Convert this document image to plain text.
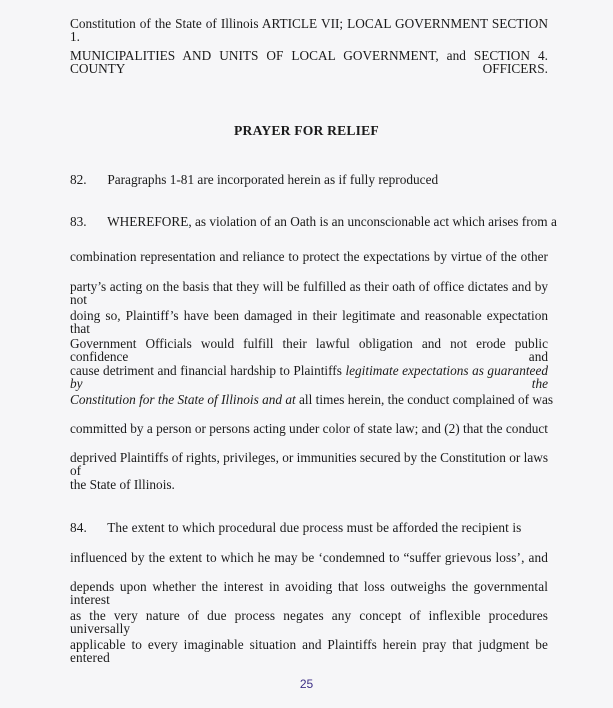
Constitution of the State of Illinois ARTICLE VII; LOCAL GOVERNMENT SECTION 1.
MUNICIPALITIES AND UNITS OF LOCAL GOVERNMENT, and SECTION 4. COUNTY OFFICERS.
PRAYER FOR RELIEF
82. Paragraphs 1-81 are incorporated herein as if fully reproduced
83. WHEREFORE, as violation of an Oath is an unconscionable act which arises from a
combination representation and reliance to protect the expectations by virtue of the other
party’s acting on the basis that they will be fulfilled as their oath of office dictates and by not
doing so, Plaintiff’s have been damaged in their legitimate and reasonable expectation that
Government Officials would fulfill their lawful obligation and not erode public confidence and
cause detriment and financial hardship to Plaintiffs legitimate expectations as guaranteed by the
Constitution for the State of Illinois and at all times herein, the conduct complained of was
committed by a person or persons acting under color of state law; and (2) that the conduct
deprived Plaintiffs of rights, privileges, or immunities secured by the Constitution or laws of
the State of Illinois.
84. The extent to which procedural due process must be afforded the recipient is
influenced by the extent to which he may be ‘condemned to “suffer grievous loss’, and
depends upon whether the interest in avoiding that loss outweighs the governmental interest
as the very nature of due process negates any concept of inflexible procedures universally
applicable to every imaginable situation and Plaintiffs herein pray that judgment be entered
25
